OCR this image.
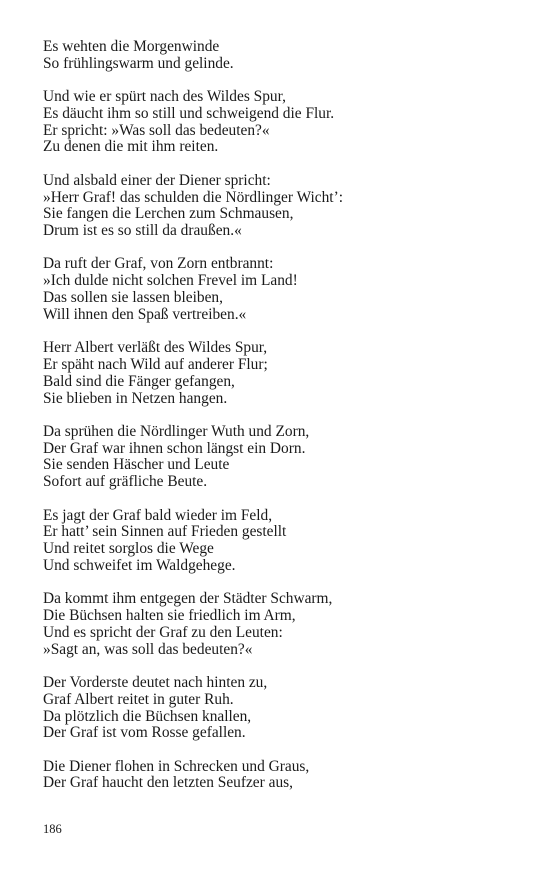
Es wehten die Morgenwinde
So frühlingswarm und gelinde.
Und wie er spürt nach des Wildes Spur,
Es däucht ihm so still und schweigend die Flur.
Er spricht: »Was soll das bedeuten?«
Zu denen die mit ihm reiten.
Und alsbald einer der Diener spricht:
»Herr Graf! das schulden die Nördlinger Wicht’:
Sie fangen die Lerchen zum Schmausen,
Drum ist es so still da draußen.«
Da ruft der Graf, von Zorn entbrannt:
»Ich dulde nicht solchen Frevel im Land!
Das sollen sie lassen bleiben,
Will ihnen den Spaß vertreiben.«
Herr Albert verläßt des Wildes Spur,
Er späht nach Wild auf anderer Flur;
Bald sind die Fänger gefangen,
Sie blieben in Netzen hangen.
Da sprühen die Nördlinger Wuth und Zorn,
Der Graf war ihnen schon längst ein Dorn.
Sie senden Häscher und Leute
Sofort auf gräfliche Beute.
Es jagt der Graf bald wieder im Feld,
Er hatt’ sein Sinnen auf Frieden gestellt
Und reitet sorglos die Wege
Und schweifet im Waldgehege.
Da kommt ihm entgegen der Städter Schwarm,
Die Büchsen halten sie friedlich im Arm,
Und es spricht der Graf zu den Leuten:
»Sagt an, was soll das bedeuten?«
Der Vorderste deutet nach hinten zu,
Graf Albert reitet in guter Ruh.
Da plötzlich die Büchsen knallen,
Der Graf ist vom Rosse gefallen.
Die Diener flohen in Schrecken und Graus,
Der Graf haucht den letzten Seufzer aus,
186
